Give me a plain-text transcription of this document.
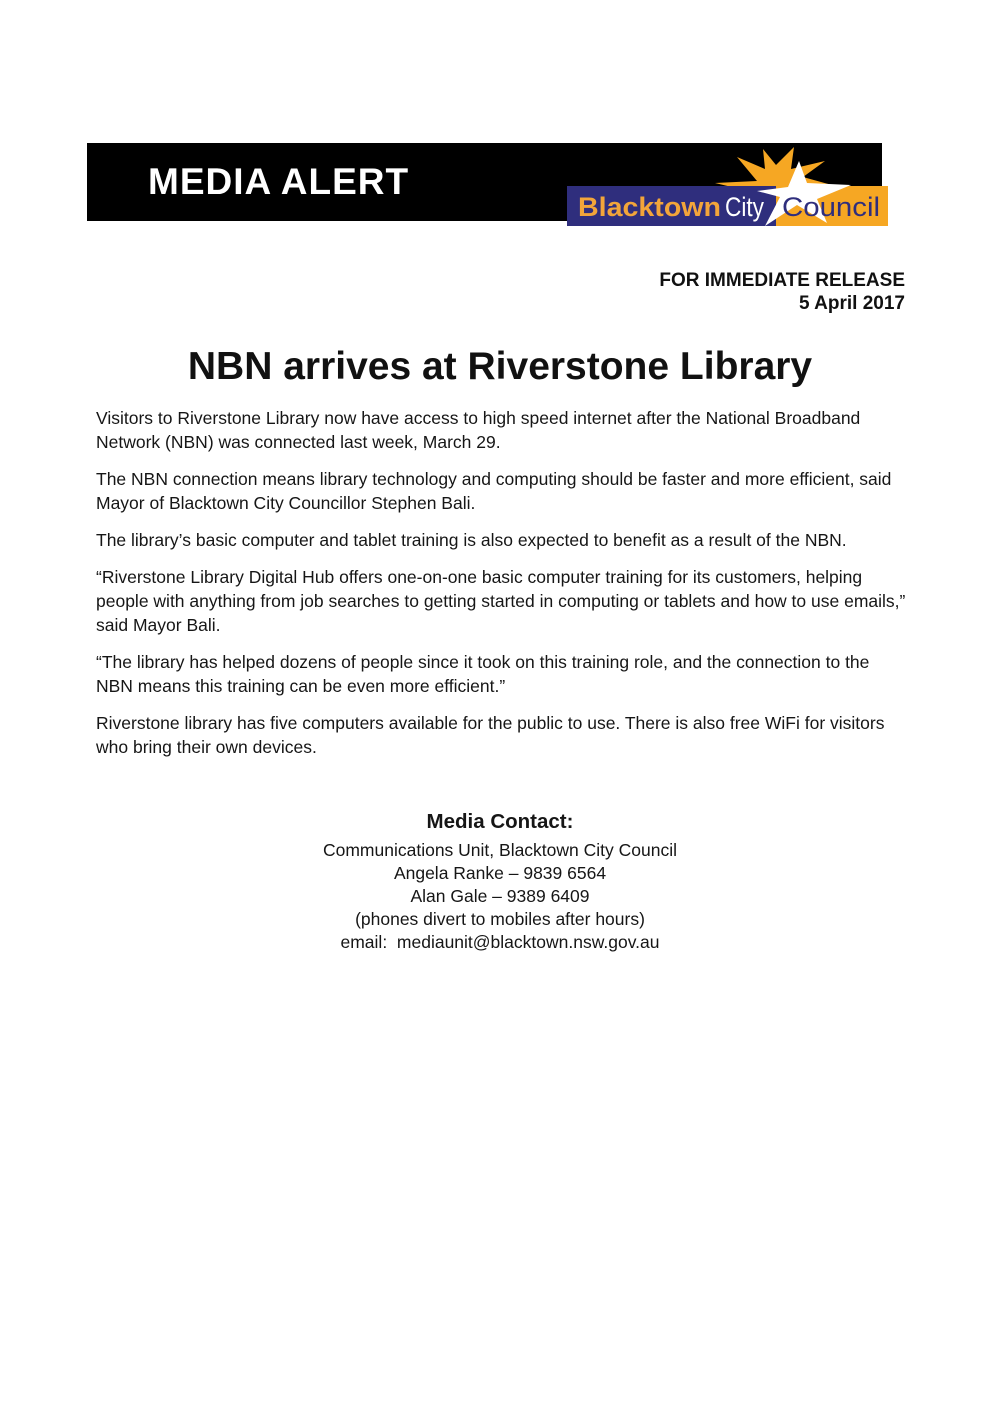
MEDIA ALERT
Blacktown City Council
FOR IMMEDIATE RELEASE
5 April 2017
NBN arrives at Riverstone Library

Visitors to Riverstone Library now have access to high speed internet after the National Broadband Network (NBN) was connected last week, March 29.

The NBN connection means library technology and computing should be faster and more efficient, said Mayor of Blacktown City Councillor Stephen Bali.

The library’s basic computer and tablet training is also expected to benefit as a result of the NBN.

“Riverstone Library Digital Hub offers one-on-one basic computer training for its customers, helping people with anything from job searches to getting started in computing or tablets and how to use emails,” said Mayor Bali.

“The library has helped dozens of people since it took on this training role, and the connection to the NBN means this training can be even more efficient.”

Riverstone library has five computers available for the public to use. There is also free WiFi for visitors who bring their own devices.

Media Contact:
Communications Unit, Blacktown City Council
Angela Ranke – 9839 6564
Alan Gale – 9389 6409
(phones divert to mobiles after hours)
email:  mediaunit@blacktown.nsw.gov.au
